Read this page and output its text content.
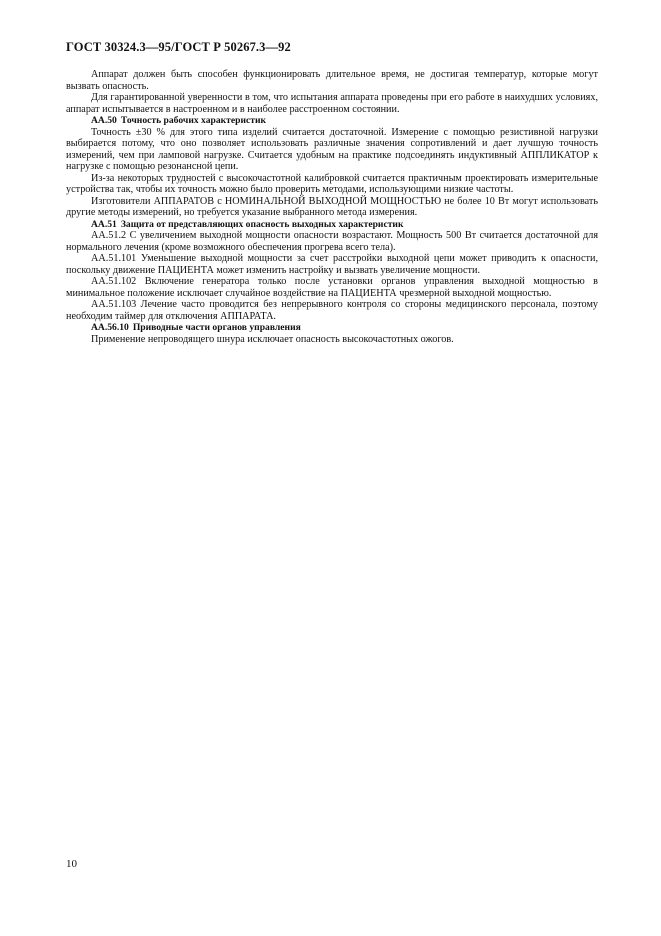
ГОСТ 30324.3—95/ГОСТ Р 50267.3—92

Аппарат должен быть способен функционировать длительное время, не достигая температур, которые могут вызвать опасность.

Для гарантированной уверенности в том, что испытания аппарата проведены при его работе в наихудших условиях, аппарат испытывается в настроенном и в наиболее расстроенном состоянии.

АА.50 Точность рабочих характеристик

Точность ±30 % для этого типа изделий считается достаточной. Измерение с помощью резистивной нагрузки выбирается потому, что оно позволяет использовать различные значения сопротивлений и дает лучшую точность измерений, чем при ламповой нагрузке. Считается удобным на практике подсоединять индуктивный АППЛИКАТОР к нагрузке с помощью резонансной цепи.

Из-за некоторых трудностей с высокочастотной калибровкой считается практичным проектировать измерительные устройства так, чтобы их точность можно было проверить методами, использующими низкие частоты.

Изготовители АППАРАТОВ с НОМИНАЛЬНОЙ ВЫХОДНОЙ МОЩНОСТЬЮ не более 10 Вт могут использовать другие методы измерений, но требуется указание выбранного метода измерения.

АА.51 Защита от представляющих опасность выходных характеристик

АА.51.2 С увеличением выходной мощности опасности возрастают. Мощность 500 Вт считается достаточной для нормального лечения (кроме возможного обеспечения прогрева всего тела).

АА.51.101 Уменьшение выходной мощности за счет расстройки выходной цепи может приводить к опасности, поскольку движение ПАЦИЕНТА может изменить настройку и вызвать увеличение мощности.

АА.51.102 Включение генератора только после установки органов управления выходной мощностью в минимальное положение исключает случайное воздействие на ПАЦИЕНТА чрезмерной выходной мощностью.

АА.51.103 Лечение часто проводится без непрерывного контроля со стороны медицинского персонала, поэтому необходим таймер для отключения АППАРАТА.

АА.56.10 Приводные части органов управления

Применение непроводящего шнура исключает опасность высокочастотных ожогов.

10
